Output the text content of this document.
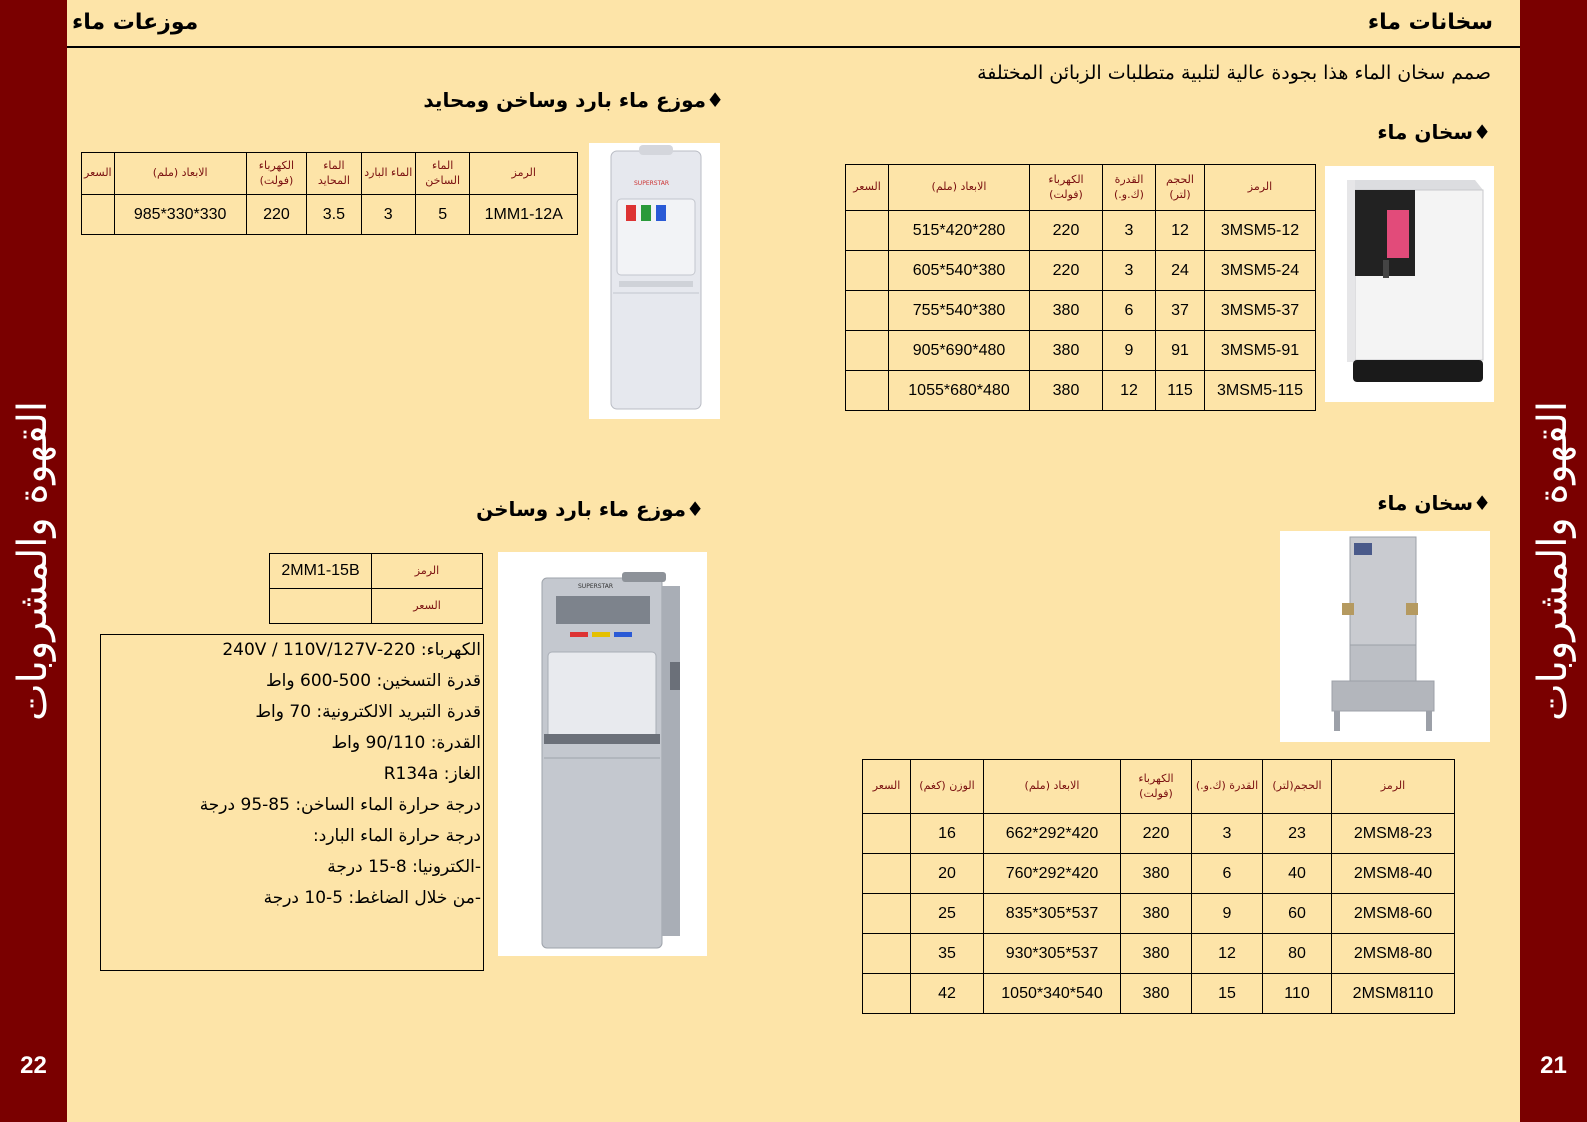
القهوة والمشروبات	القهوة والمشروبات
22	21
موزعات ماء	سخانات ماء
صمم سخان الماء هذا بجودة عالية لتلبية متطلبات الزبائن المختلفة
♦موزع ماء بارد وساخن ومحايد
الرمز	الماء الساخن	الماء البارد	الماء المحايد	الكهرباء (فولت)	الابعاد (ملم)	السعر
1MM1-12A	5	3	3.5	220	330*330*985	
SUPERSTAR
♦موزع ماء بارد وساخن
الرمز	2MM1-15B
السعر	
الكهرباء: 220-240V / 110V/127V
قدرة التسخين: 500-600 واط
قدرة التبريد الالكترونية: 70 واط
القدرة: 90/110 واط
الغاز: R134a
درجة حرارة الماء الساخن: 85-95 درجة
درجة حرارة الماء البارد:
-الكترونيا: 8-15 درجة
-من خلال الضاغط: 5-10 درجة
SUPERSTAR
♦سخان ماء
الرمز	الحجم (لتر)	القدرة (ك.و.)	الكهرباء (فولت)	الابعاد (ملم)	السعر
3MSM5-12	12	3	220	280*420*515	
3MSM5-24	24	3	220	380*540*605	
3MSM5-37	37	6	380	380*540*755	
3MSM5-91	91	9	380	480*690*905	
3MSM5-115	115	12	380	480*680*1055	
♦سخان ماء
الرمز	الحجم(لتر)	القدرة (ك.و.)	الكهرباء (فولت)	الابعاد (ملم)	الوزن (كغم)	السعر
2MSM8-23	23	3	220	420*292*662	16	
2MSM8-40	40	6	380	420*292*760	20	
2MSM8-60	60	9	380	537*305*835	25	
2MSM8-80	80	12	380	537*305*930	35	
2MSM8110	110	15	380	540*340*1050	42	
